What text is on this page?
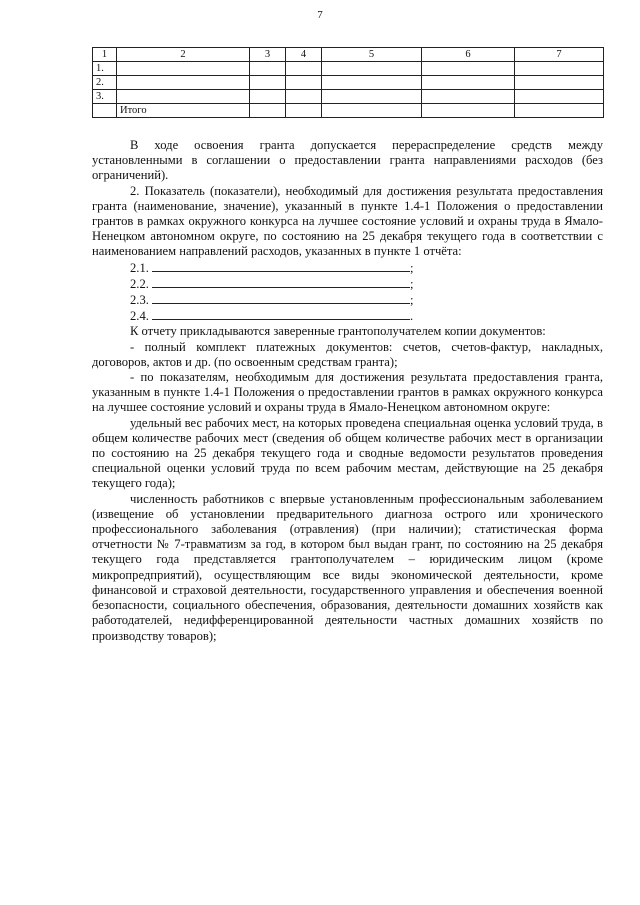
7
1	2	3	4	5	6	7
1.						
2.						
3.						
	Итого					

В ходе освоения гранта допускается перераспределение средств между установленными в соглашении о предоставлении гранта направлениями расходов (без ограничений).

2. Показатель (показатели), необходимый для достижения результата предоставления гранта (наименование, значение), указанный в пункте 1.4-1 Положения о предоставлении грантов в рамках окружного конкурса на лучшее состояние условий и охраны труда в Ямало-Ненецком автономном округе, по состоянию на 25 декабря текущего года в соответствии с наименованием направлений расходов, указанных в пункте 1 отчёта:

2.1.	;

2.2.	;

2.3.	;

2.4.	.

К отчету прикладываются заверенные грантополучателем копии документов:

- полный комплект платежных документов: счетов, счетов-фактур, накладных, договоров, актов и др. (по освоенным средствам гранта);

- по показателям, необходимым для достижения результата предоставления гранта, указанным в пункте 1.4-1 Положения о предоставлении грантов в рамках окружного конкурса на лучшее состояние условий и охраны труда в Ямало-Ненецком автономном округе:

удельный вес рабочих мест, на которых проведена специальная оценка условий труда, в общем количестве рабочих мест (сведения об общем количестве рабочих мест в организации по состоянию на 25 декабря текущего года и сводные ведомости результатов проведения специальной оценки условий труда по всем рабочим местам, действующие на 25 декабря текущего года);

численность работников с впервые установленным профессиональным заболеванием (извещение об установлении предварительного диагноза острого или хронического профессионального заболевания (отравления) (при наличии); статистическая форма отчетности № 7-травматизм за год, в котором был выдан грант, по состоянию на 25 декабря текущего года представляется грантополучателем – юридическим лицом (кроме микропредприятий), осуществляющим все виды экономической деятельности, кроме финансовой и страховой деятельности, государственного управления и обеспечения военной безопасности, социального обеспечения, образования, деятельности домашних хозяйств как работодателей, недифференцированной деятельности частных домашних хозяйств по производству товаров);
